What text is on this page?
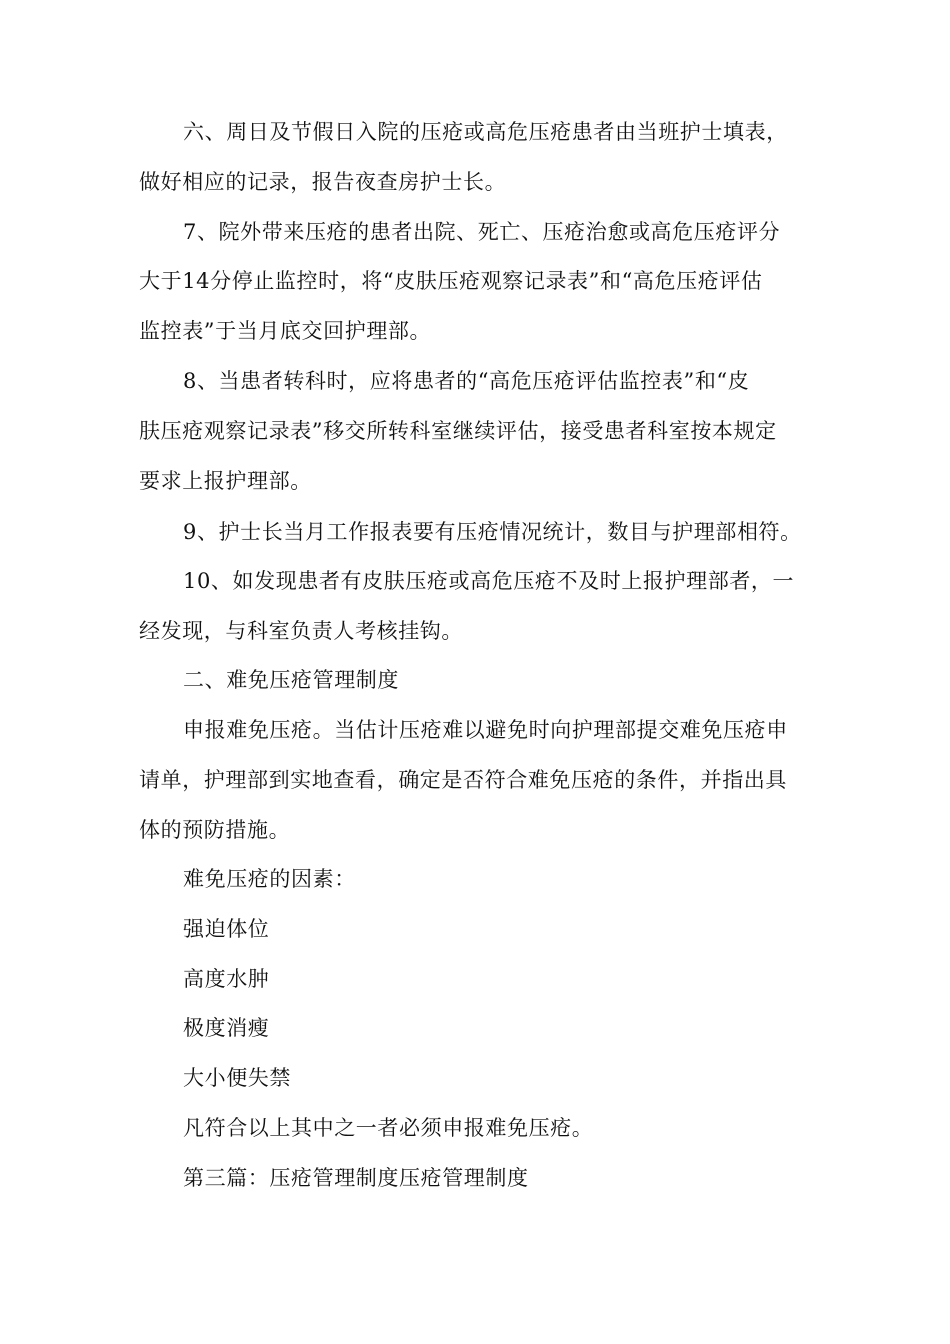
六、周日及节假日入院的压疮或高危压疮患者由当班护士填表，
做好相应的记录，报告夜查房护士长。
7、院外带来压疮的患者出院、死亡、压疮治愈或高危压疮评分
大于14分停止监控时，将“皮肤压疮观察记录表”和“高危压疮评估
监控表”于当月底交回护理部。
8、当患者转科时，应将患者的“高危压疮评估监控表”和“皮
肤压疮观察记录表”移交所转科室继续评估，接受患者科室按本规定
要求上报护理部。
9、护士长当月工作报表要有压疮情况统计，数目与护理部相符。
10、如发现患者有皮肤压疮或高危压疮不及时上报护理部者，一
经发现，与科室负责人考核挂钩。
二、难免压疮管理制度
申报难免压疮。当估计压疮难以避免时向护理部提交难免压疮申
请单，护理部到实地查看，确定是否符合难免压疮的条件，并指出具
体的预防措施。
难免压疮的因素：
强迫体位
高度水肿
极度消瘦
大小便失禁
凡符合以上其中之一者必须申报难免压疮。
第三篇：压疮管理制度压疮管理制度
